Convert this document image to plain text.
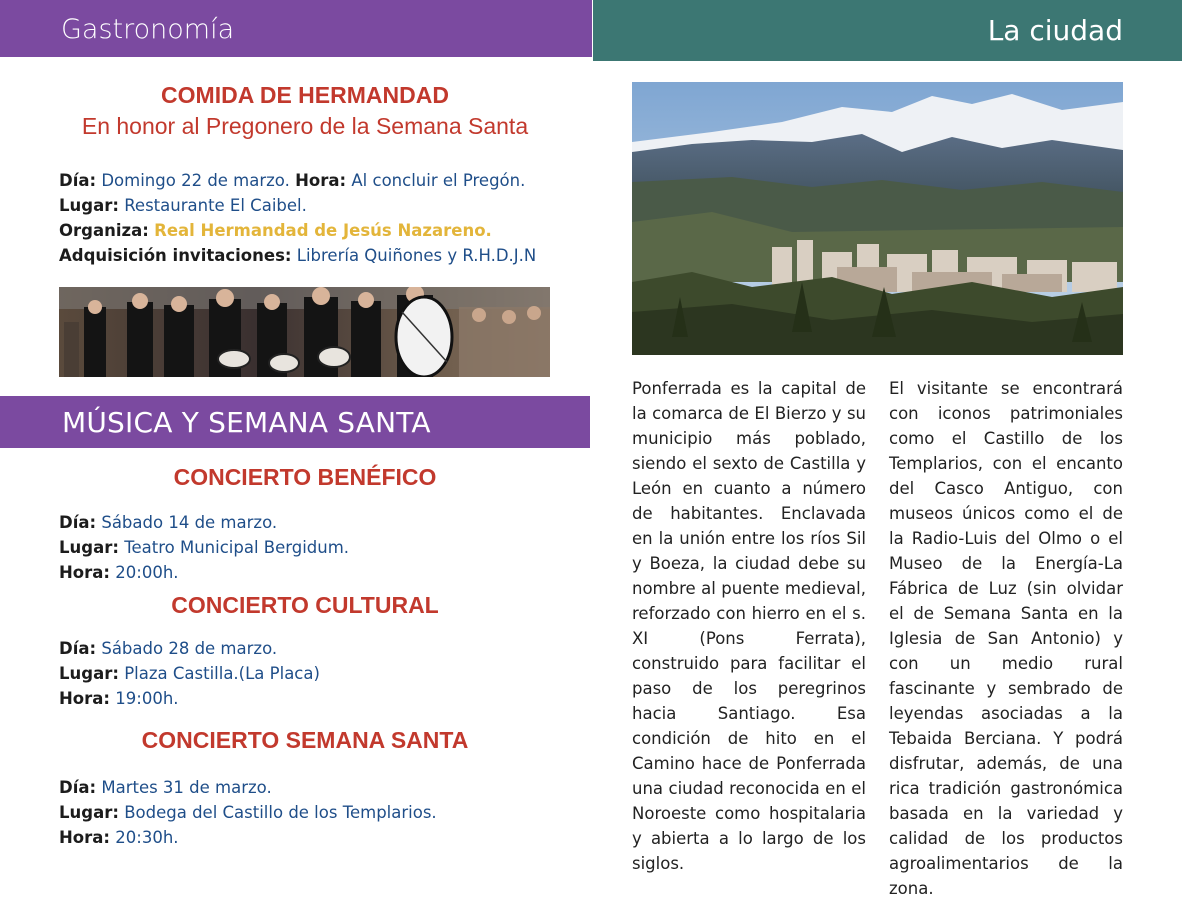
Gastronomía	La ciudad
COMIDA DE HERMANDAD
En honor al Pregonero de la Semana Santa
Día: Domingo 22 de marzo. Hora: Al concluir el Pregón.
Lugar: Restaurante El Caibel.
Organiza: Real Hermandad de Jesús Nazareno.
Adquisición invitaciones: Librería Quiñones y R.H.D.J.N
MÚSICA Y SEMANA SANTA
CONCIERTO BENÉFICO
Día: Sábado 14 de marzo.
Lugar: Teatro Municipal Bergidum.
Hora: 20:00h.
CONCIERTO CULTURAL
Día: Sábado 28 de marzo.
Lugar: Plaza Castilla.(La Placa)
Hora: 19:00h.
CONCIERTO SEMANA SANTA
Día: Martes 31 de marzo.
Lugar: Bodega del Castillo de los Templarios.
Hora: 20:30h.
Ponferrada es la capital de la comarca de El Bierzo y su municipio más poblado, siendo el sexto de Castilla y León en cuanto a número de habitantes. Enclavada en la unión entre los ríos Sil y Boeza, la ciudad debe su nombre al puente medieval, reforzado con hierro en el s. XI (Pons Ferrata), construido para facilitar el paso de los peregrinos hacia Santiago. Esa condición de hito en el Camino hace de Ponferrada una ciudad reconocida en el Noroeste como hospitalaria y abierta a lo largo de los siglos.
El visitante se encontrará con iconos patrimoniales como el Castillo de los Templarios, con el encanto del Casco Antiguo, con museos únicos como el de la Radio-Luis del Olmo o el Museo de la Energía-La Fábrica de Luz (sin olvidar el de Semana Santa en la Iglesia de San Antonio) y con un medio rural fascinante y sembrado de leyendas asociadas a la Tebaida Berciana. Y podrá disfrutar, además, de una rica tradición gastronómica basada en la variedad y calidad de los productos agroalimentarios de la zona.
